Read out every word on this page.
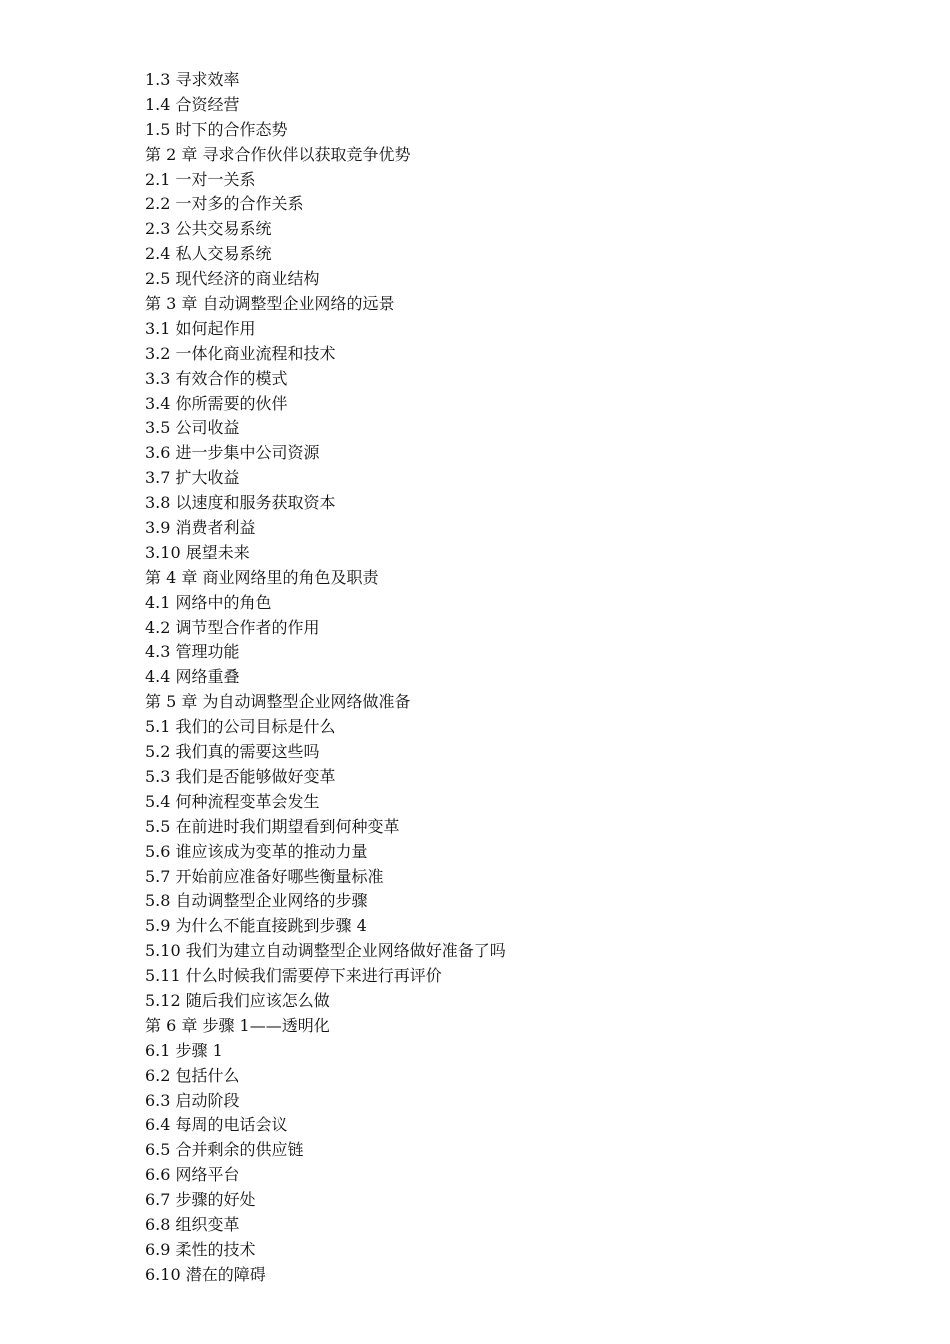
1.3 寻求效率
1.4 合资经营
1.5 时下的合作态势
第 2 章 寻求合作伙伴以获取竞争优势
2.1 一对一关系
2.2 一对多的合作关系
2.3 公共交易系统
2.4 私人交易系统
2.5 现代经济的商业结构
第 3 章 自动调整型企业网络的远景
3.1 如何起作用
3.2 一体化商业流程和技术
3.3 有效合作的模式
3.4 你所需要的伙伴
3.5 公司收益
3.6 进一步集中公司资源
3.7 扩大收益
3.8 以速度和服务获取资本
3.9 消费者利益
3.10 展望未来
第 4 章 商业网络里的角色及职责
4.1 网络中的角色
4.2 调节型合作者的作用
4.3 管理功能
4.4 网络重叠
第 5 章 为自动调整型企业网络做准备
5.1 我们的公司目标是什么
5.2 我们真的需要这些吗
5.3 我们是否能够做好变革
5.4 何种流程变革会发生
5.5 在前进时我们期望看到何种变革
5.6 谁应该成为变革的推动力量
5.7 开始前应准备好哪些衡量标准
5.8 自动调整型企业网络的步骤
5.9 为什么不能直接跳到步骤 4
5.10 我们为建立自动调整型企业网络做好准备了吗
5.11 什么时候我们需要停下来进行再评价
5.12 随后我们应该怎么做
第 6 章 步骤 1——透明化
6.1 步骤 1
6.2 包括什么
6.3 启动阶段
6.4 每周的电话会议
6.5 合并剩余的供应链
6.6 网络平台
6.7 步骤的好处
6.8 组织变革
6.9 柔性的技术
6.10 潜在的障碍
